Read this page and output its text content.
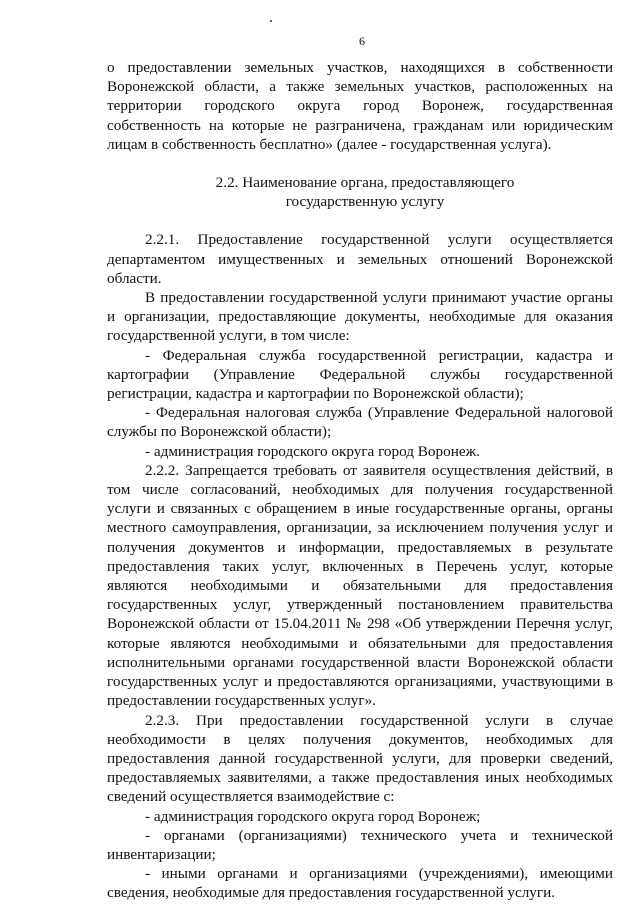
6

о предоставлении земельных участков, находящихся в собственности Воронежской области, а также земельных участков, расположенных на территории городского округа город Воронеж, государственная собственность на которые не разграничена, гражданам или юридическим лицам в собственность бесплатно» (далее - государственная услуга).

2.2. Наименование органа, предоставляющего
государственную услугу

2.2.1. Предоставление государственной услуги осуществляется департаментом имущественных и земельных отношений Воронежской области.

В предоставлении государственной услуги принимают участие органы и организации, предоставляющие документы, необходимые для оказания государственной услуги, в том числе:

- Федеральная служба государственной регистрации, кадастра и картографии (Управление Федеральной службы государственной регистрации, кадастра и картографии по Воронежской области);

- Федеральная налоговая служба (Управление Федеральной налоговой службы по Воронежской области);

- администрация городского округа город Воронеж.

2.2.2. Запрещается требовать от заявителя осуществления действий, в том числе согласований, необходимых для получения государственной услуги и связанных с обращением в иные государственные органы, органы местного самоуправления, организации, за исключением получения услуг и получения документов и информации, предоставляемых в результате предоставления таких услуг, включенных в Перечень услуг, которые являются необходимыми и обязательными для предоставления государственных услуг, утвержденный постановлением правительства Воронежской области от 15.04.2011 № 298 «Об утверждении Перечня услуг, которые являются необходимыми и обязательными для предоставления исполнительными органами государственной власти Воронежской области государственных услуг и предоставляются организациями, участвующими в предоставлении государственных услуг».

2.2.3. При предоставлении государственной услуги в случае необходимости в целях получения документов, необходимых для предоставления данной государственной услуги, для проверки сведений, предоставляемых заявителями, а также предоставления иных необходимых сведений осуществляется взаимодействие с:

- администрация городского округа город Воронеж;

- органами (организациями) технического учета и технической инвентаризации;

- иными органами и организациями (учреждениями), имеющими сведения, необходимые для предоставления государственной услуги.
